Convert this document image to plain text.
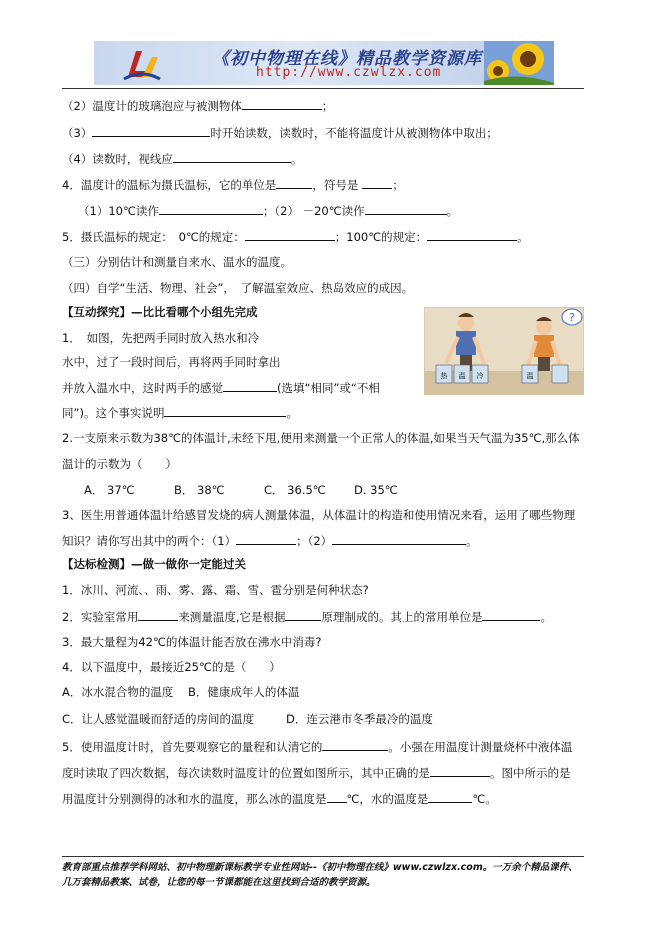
《初中物理在线》精品教学资源库
http://www.czwlzx.com
（2）温度计的玻璃泡应与被测物体	；
（3）	时开始读数，读数时，不能将温度计从被测物体中取出；
（4）读数时，视线应	。
4．温度计的温标为摄氏温标，它的单位是	，符号是	；
（1）10℃读作	；（2） －20℃读作	。
5．摄氏温标的规定：　0℃的规定：	；100℃的规定：	。
（三）分别估计和测量自来水、温水的温度。
（四）自学“生活、物理、社会”，　了解温室效应、热岛效应的成因。
【互动探究】—比比看哪个小组先完成
1．　如图，先把两手同时放入热水和冷
水中，过了一段时间后，再将两手同时拿出
并放入温水中，这时两手的感觉	(选填“相同”或“不相
同”)。这个事实说明	。
?
热 温 冷	温
2.一支原来示数为38℃的体温计,未经下甩,便用来测量一个正常人的体温,如果当天气温为35℃,那么体
温计的示数为（　　）
A． 37℃	B． 38℃	C． 36.5℃ D. 35℃
3、医生用普通体温计给感冒发烧的病人测量体温，从体温计的构造和使用情况来看，运用了哪些物理
知识？请你写出其中的两个：（1）	；（2）	。
【达标检测】—做一做你一定能过关
1．冰川、河流、、雨、雾、露、霜、雪、雹分别是何种状态?
2．实验室常用	来测量温度,它是根据	原理制成的。其上的常用单位是	。
3．最大量程为42℃的体温计能否放在沸水中消毒?
4．以下温度中，最接近25℃的是（　　）
A．冰水混合物的温度 B．健康成年人的体温
C．让人感觉温暖而舒适的房间的温度	D．连云港市冬季最冷的温度
5．使用温度计时，首先要观察它的量程和认清它的	。小强在用温度计测量烧杯中液体温
度时读取了四次数据，每次读数时温度计的位置如图所示，其中正确的是	。图中所示的是
用温度计分别测得的冰和水的温度，那么冰的温度是 ℃，水的温度是	℃。
教育部重点推荐学科网站、初中物理新课标教学专业性网站--《初中物理在线》www.czwlzx.com。一万余个精品课件、
几万套精品教案、试卷，让您的每一节课都能在这里找到合适的教学资源。
